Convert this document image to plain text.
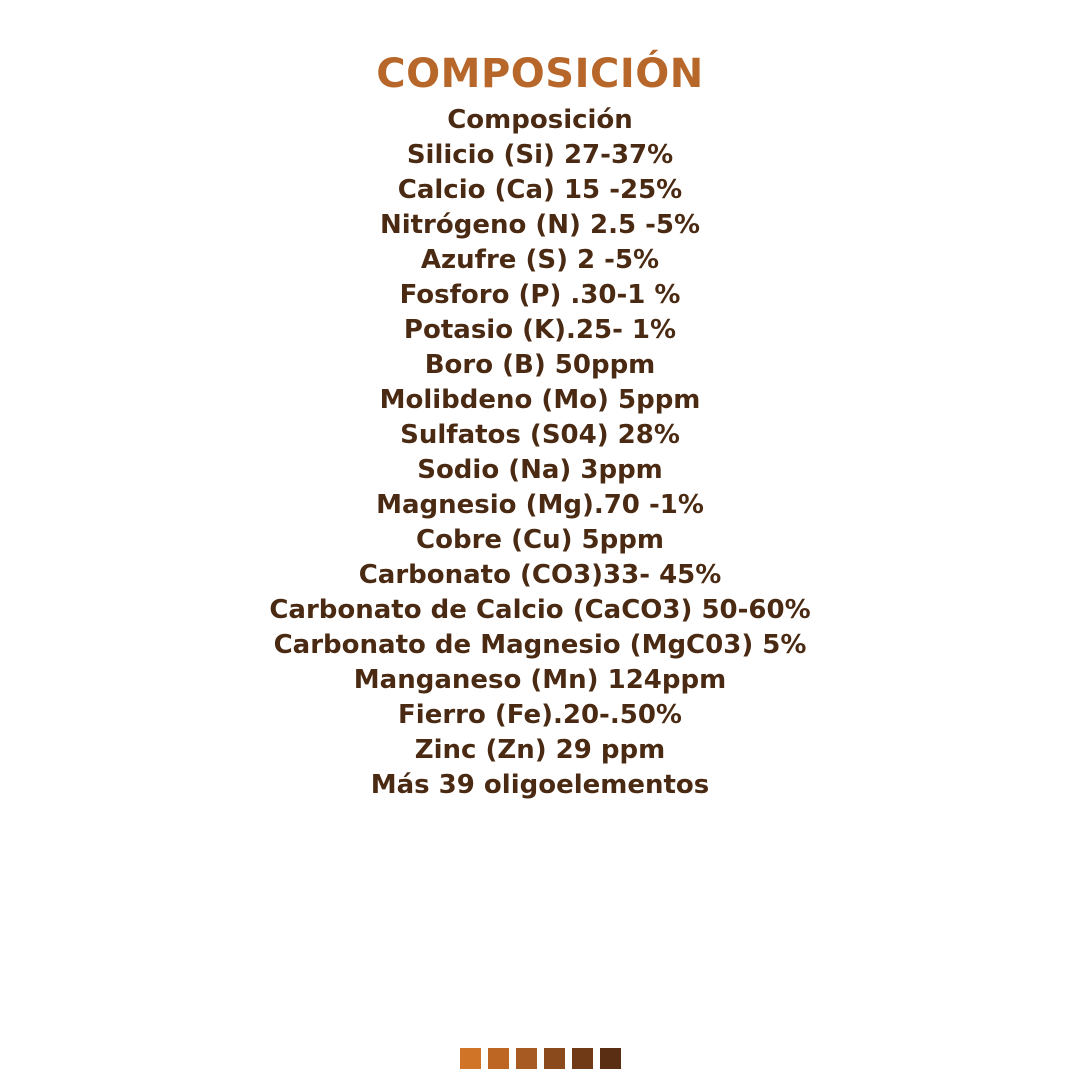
COMPOSICIÓN
Composición
Silicio (Si) 27-37%
Calcio (Ca) 15 -25%
Nitrógeno (N) 2.5 -5%
Azufre (S) 2 -5%
Fosforo (P) .30-1 %
Potasio (K).25- 1%
Boro (B) 50ppm
Molibdeno (Mo) 5ppm
Sulfatos (S04) 28%
Sodio (Na) 3ppm
Magnesio (Mg).70 -1%
Cobre (Cu) 5ppm
Carbonato (CO3)33- 45%
Carbonato de Calcio (CaCO3) 50-60%
Carbonato de Magnesio (MgC03) 5%
Manganeso (Mn) 124ppm
Fierro (Fe).20-.50%
Zinc (Zn) 29 ppm
Más 39 oligoelementos
